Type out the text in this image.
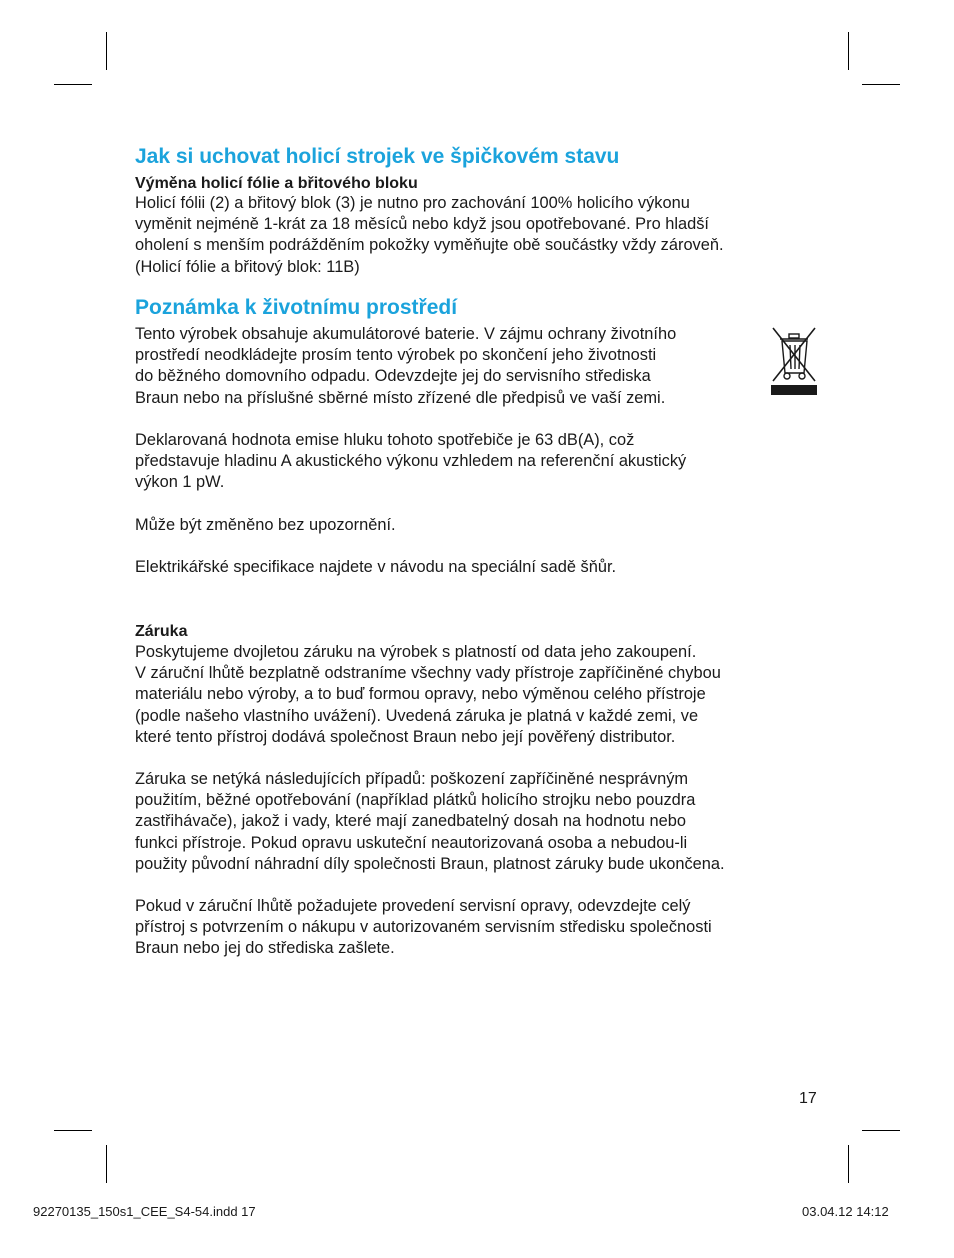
Jak si uchovat holicí strojek ve špičkovém stavu
Výměna holicí fólie a břitového bloku
Holicí fólii (2) a břitový blok (3) je nutno pro zachování 100% holicího výkonu
vyměnit nejméně 1-krát za 18 měsíců nebo když jsou opotřebované. Pro hladší
oholení s menším podrážděním pokožky vyměňujte obě součástky vždy zároveň.
(Holicí fólie a břitový blok: 11B)
Poznámka k životnímu prostředí
Tento výrobek obsahuje akumulátorové baterie. V zájmu ochrany životního
prostředí neodkládejte prosím tento výrobek po skončení jeho životnosti
do běžného domovního odpadu. Odevzdejte jej do servisního střediska
Braun nebo na příslušné sběrné místo zřízené dle předpisů ve vaší zemi.
Deklarovaná hodnota emise hluku tohoto spotřebiče je 63 dB(A), což
představuje hladinu A akustického výkonu vzhledem na referenční akustický
výkon 1 pW.
Může být změněno bez upozornění.
Elektrikářské specifikace najdete v návodu na speciální sadě šňůr.
Záruka
Poskytujeme dvojletou záruku na výrobek s platností od data jeho zakoupení.
V záruční lhůtě bezplatně odstraníme všechny vady přístroje zapříčiněné chybou
materiálu nebo výroby, a to buď formou opravy, nebo výměnou celého přístroje
(podle našeho vlastního uvážení). Uvedená záruka je platná v každé zemi, ve
které tento přístroj dodává společnost Braun nebo její pověřený distributor.
Záruka se netýká následujících případů: poškození zapříčiněné nesprávným
použitím, běžné opotřebování (například plátků holicího strojku nebo pouzdra
zastřihávače), jakož i vady, které mají zanedbatelný dosah na hodnotu nebo
funkci přístroje. Pokud opravu uskuteční neautorizovaná osoba a nebudou-li
použity původní náhradní díly společnosti Braun, platnost záruky bude ukončena.
Pokud v záruční lhůtě požadujete provedení servisní opravy, odevzdejte celý
přístroj s potvrzením o nákupu v autorizovaném servisním středisku společnosti
Braun nebo jej do střediska zašlete.
17
92270135_150s1_CEE_S4-54.indd 17	03.04.12 14:12
